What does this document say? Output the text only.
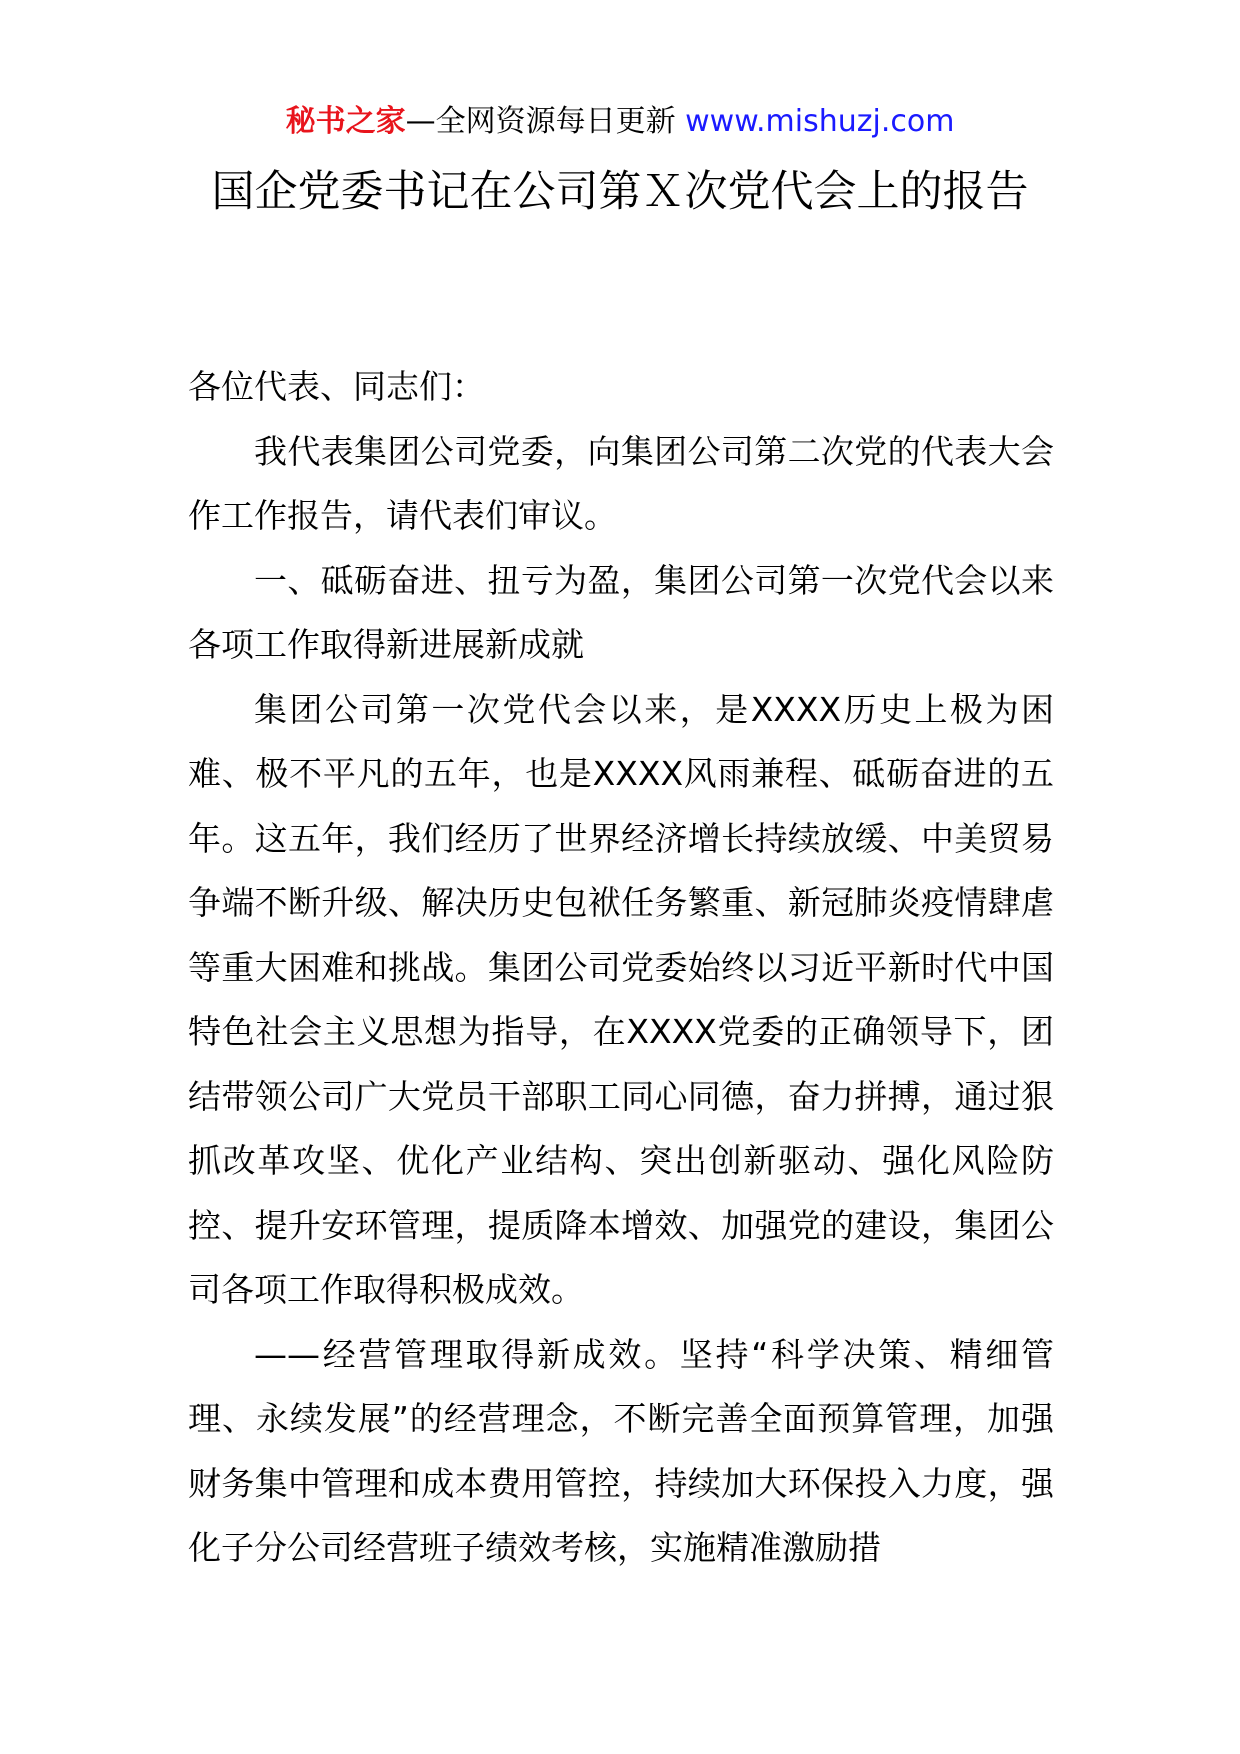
秘书之家—全网资源每日更新 www.mishuzj.com
国企党委书记在公司第Ｘ次党代会上的报告

各位代表、同志们：

我代表集团公司党委，向集团公司第二次党的代表大会作工作报告，请代表们审议。

一、砥砺奋进、扭亏为盈，集团公司第一次党代会以来各项工作取得新进展新成就

集团公司第一次党代会以来，是XXXX历史上极为困难、极不平凡的五年，也是XXXX风雨兼程、砥砺奋进的五年。这五年，我们经历了世界经济增长持续放缓、中美贸易争端不断升级、解决历史包袱任务繁重、新冠肺炎疫情肆虐等重大困难和挑战。集团公司党委始终以习近平新时代中国特色社会主义思想为指导，在XXXX党委的正确领导下，团结带领公司广大党员干部职工同心同德，奋力拼搏，通过狠抓改革攻坚、优化产业结构、突出创新驱动、强化风险防控、提升安环管理，提质降本增效、加强党的建设，集团公司各项工作取得积极成效。

——经营管理取得新成效。坚持“科学决策、精细管理、永续发展”的经营理念，不断完善全面预算管理，加强财务集中管理和成本费用管控，持续加大环保投入力度，强化子分公司经营班子绩效考核，实施精准激励措
